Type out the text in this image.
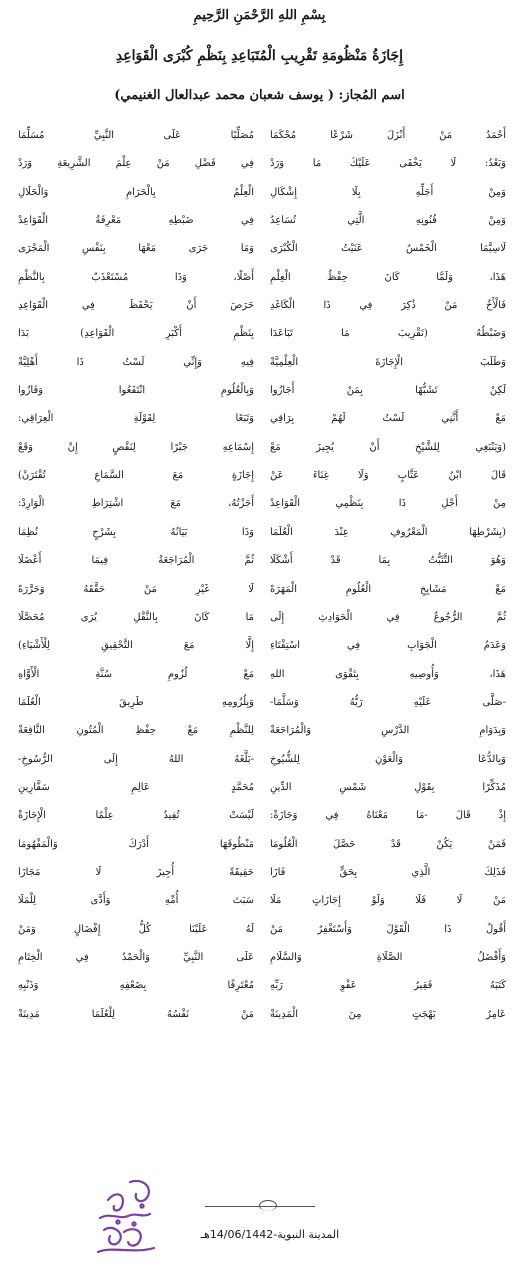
بِسْمِ اللهِ الرَّحْمَنِ الرَّحِيمِ
إِجَازَةُ مَنْظُومَةِ تَقْرِيبِ الْمُتَبَاعِدِ بِنَظْمِ كُبْرَى الْقَوَاعِدِ
اسم المُجاز: ( يوسف شعبان محمد عبدالعال الغنيمي)
أَحْمَدُ مَنْ أَنْزَلَ شَرْعًا مُحْكَمَا
مُصَلِّيًا عَلَى النَّبِيِّ مُسَلِّمَا
وَبَعْدُ: لَا يَخْفَى عَلَيْكَ مَا وَرَدْ
فِي فَضْلِ مَنْ عِلْمَ الشَّرِيعَةِ وَرَدْ
وَمِنْ أَجَلِّهِ بِلَا إِشْكَالِ
الْعِلْمُ بِالْحَرَامِ وَالْحَلَالِ
وَمِنْ فُنُونِهِ الَّتِي تُسَاعِدُ
فِي ضَبْطِهِ مَعْرِفَةُ الْقَوَاعِدْ
لَاسِيَّمَا الْخَمْسُ عَنَيْتُ الْكُبْرَى
وَمَا جَرَى مَعْهَا بِنَفْسِ الْمَجْرَى
هَذَا، وَلَمَّا كَانَ حِفْظُ الْعِلْمِ
أَصْلًا، وَذَا مُسْتَعْذَبٌ بِالنَّظْمِ
فَالْأَخُ مَنْ ذُكِرَ فِي ذَا الْكَاغَدِ
حَرَصَ أَنْ يَحْفَظَ فِي الْقَوَاعِدِ
وَضَبْطُهُ (تَقْرِيبَ مَا تَبَاعَدَا
بِنَظْمِ أَكْبَرِ الْقَوَاعِدِ) بَدَا
وَطَلَبَ الْإِجَازَةَ الْعِلْمِيَّةْ
فِيهِ وَإِنِّي لَسْتُ ذَا أَهْلِيَّةْ
لَكِنْ تَشَبُّهًا بِمَنْ أَجَازُوا
وَبِالْعُلُومِ انْتَفَعُوا وَفَازُوا
مَعْ أَنَّنِي لَسْتُ لَهُمْ بِرَاقِي
وَتَبَعًا لِقَوْلَةِ الْعِرَاقِي:
(وَيَنْبَغِي لِلشَّيْخِ أَنْ يُجِيزَ مَعْ
إِسْمَاعِهِ جَبْرًا لِنَقْصٍ إِنْ وَقَعْ
قَالَ ابْنُ عَتَّابٍ وَلَا غِنَاءَ عَنْ
إِجَازَةٍ مَعَ السَّمَاعِ تُقْتَرَنْ)
مِنْ أَجْلِ ذَا بِنَظْمِي الْقَوَاعِدْ
أَجَزْتُهُ، مَعَ اشْتِرَاطِ الْوَارِدْ:
(بِشَرْطِهَا الْمَعْرُوفِ عِنْدَ الْعُلَمَا
وَذَا بَيَانُهُ بِشَرْحٍ نُظِمَا
وَهُوَ التَّثَبُّتُ بِمَا قَدْ أَشْكَلَا
ثُمَّ الْمُرَاجَعَةُ فِيمَا أَعْضَلَا
مَعْ مَشَايِخِ الْعُلُومِ الْمَهَرَهْ
لَا غَيْرِ مَنْ حَقَّقَهُ وَحَرَّرَهْ
ثُمَّ الرُّجُوعُ فِي الْحَوَادِثِ إِلَى
مَا كَانَ بِالنَّقْلِ يُرَى مُحَصَّلَا
وَعَدَمُ الْجَوَابِ فِي اسْتِفْتَاءِ
إِلَّا مَعَ التَّحْقِيقِ لِلْأَشْيَاءِ)
هَذَا، وَأُوصِيهِ بِتَقْوَى اللهِ
مَعْ لُزُومِ سُنَّةِ الْأَوَّاهِ
-صَلَّى عَلَيْهِ رَبُّهُ وَسَلَّمَا-
وَبِلُزُومِهِ طَرِيقَ الْعُلَمَا
وَبِدَوَامِ الدَّرْسِ وَالْمُرَاجَعَةْ
لِلنَّظْمِ مَعْ حِفْظِ الْمُتُونِ النَّافِعَةْ
وَبِالدُّعَا وَالْعَوْنِ لِلشُّيُوخِ
-بَلَّغَهُ اللهُ إِلَى الرُّسُوخِ-
مُذَكِّرًا بِقَوْلِ شَمْسِ الدِّينِ
مُحَمَّدٍ عَالِمِ سَفَّارِينِ
إِذْ قَالَ -مَا مَعْنَاهُ فِي وَجَازَةْ:
لَيْسَتْ تُفِيدُ عِلْمًا الْإِجَازَةْ
فَمَنْ يَكُنْ قَدْ حَصَّلَ الْعُلُومَا
مَنْطُوقَهَا أَدْرَكَ وَالْمَفْهُومَا
فَذَلِكَ الَّذِي بِحَقٍّ فَازَا
حَقِيقَةً أُجِيزَ لَا مَجَازَا
مَنْ لَا فَلَا وَلَوْ إِجَازَاتٍ مَلَا
سَبَتَ أُمِّهِ وَأَدَّى لِلْمَلَا
أَقُولُ ذَا الْقَوْلَ وَأَسْتَغْفِرُ مَنْ
لَهُ عَلَيْنَا كُلُّ إِفْضَالٍ وَمَنْ
وَأَفْضَلُ الصَّلَاةِ وَالسَّلَامِ
عَلَى النَّبِيِّ وَالْحَمْدُ فِي الْخِتَامِ
كَتَبَهُ فَقِيرُ عَفْوِ رَبِّهِ
مُعْتَرِفًا بِضَعْفِهِ وَذَنْبِهِ
عَامِرُ بَهْجَتٍ مِنَ الْمَدِينَةْ
مَنْ نَفْسُهُ لِلْعُلَمَا مَدِينَةْ
المدينة النبوية-14/06/1442هـ
